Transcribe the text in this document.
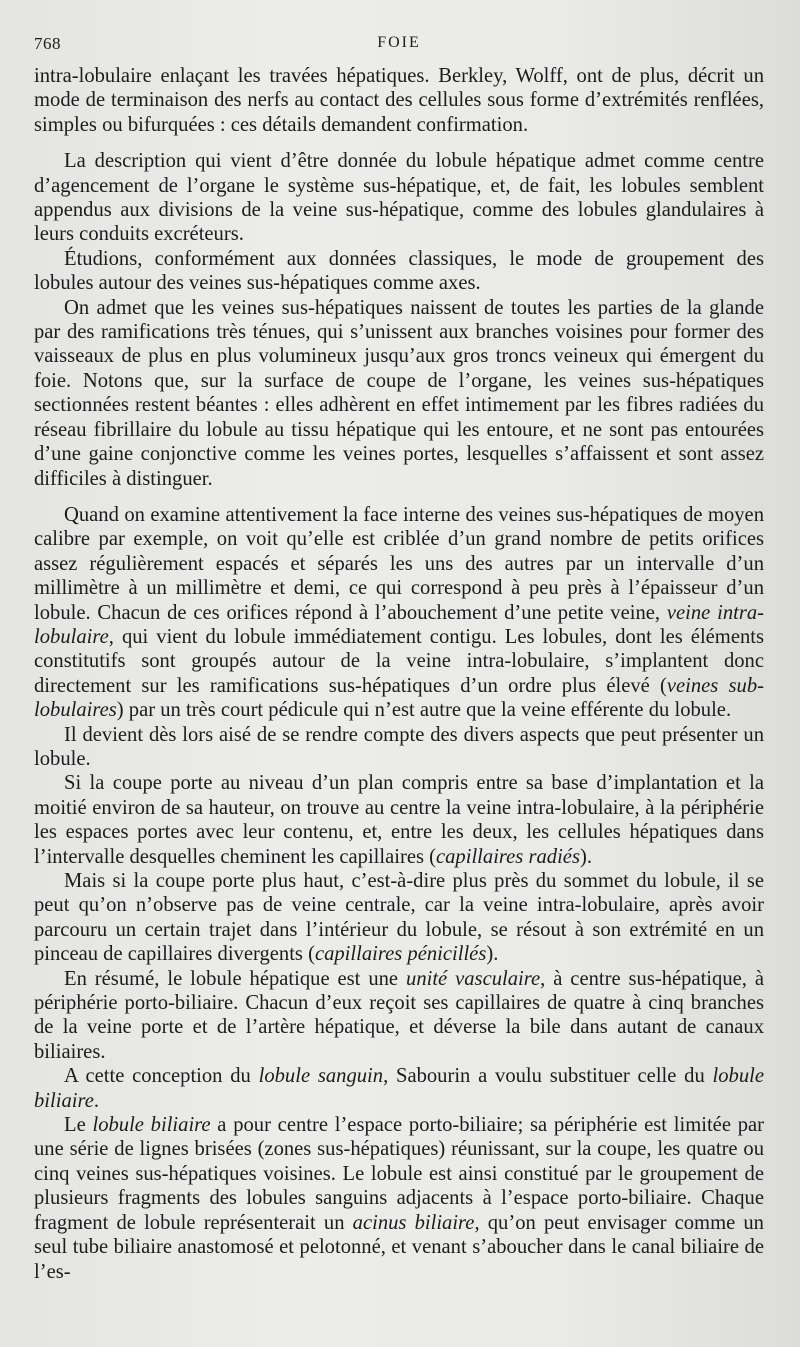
768	FOIE

intra-lobulaire enlaçant les travées hépatiques. Berkley, Wolff, ont de plus, décrit un mode de terminaison des nerfs au contact des cellules sous forme d’extrémités renflées, simples ou bifurquées : ces détails demandent confirmation.

La description qui vient d’être donnée du lobule hépatique admet comme centre d’agencement de l’organe le système sus-hépatique, et, de fait, les lobules semblent appendus aux divisions de la veine sus-hépatique, comme des lobules glandulaires à leurs conduits excréteurs.

Étudions, conformément aux données classiques, le mode de groupement des lobules autour des veines sus-hépatiques comme axes.

On admet que les veines sus-hépatiques naissent de toutes les parties de la glande par des ramifications très ténues, qui s’unissent aux branches voisines pour former des vaisseaux de plus en plus volumineux jusqu’aux gros troncs veineux qui émergent du foie. Notons que, sur la surface de coupe de l’organe, les veines sus-hépatiques sectionnées restent béantes : elles adhèrent en effet intimement par les fibres radiées du réseau fibrillaire du lobule au tissu hépatique qui les entoure, et ne sont pas entourées d’une gaine conjonctive comme les veines portes, lesquelles s’affaissent et sont assez difficiles à distinguer.

Quand on examine attentivement la face interne des veines sus-hépatiques de moyen calibre par exemple, on voit qu’elle est criblée d’un grand nombre de petits orifices assez régulièrement espacés et séparés les uns des autres par un intervalle d’un millimètre à un millimètre et demi, ce qui correspond à peu près à l’épaisseur d’un lobule. Chacun de ces orifices répond à l’abouchement d’une petite veine, veine intra-lobulaire, qui vient du lobule immédiatement contigu. Les lobules, dont les éléments constitutifs sont groupés autour de la veine intra-lobulaire, s’implantent donc directement sur les ramifications sus-hépatiques d’un ordre plus élevé (veines sub-lobulaires) par un très court pédicule qui n’est autre que la veine efférente du lobule.

Il devient dès lors aisé de se rendre compte des divers aspects que peut présenter un lobule.

Si la coupe porte au niveau d’un plan compris entre sa base d’implantation et la moitié environ de sa hauteur, on trouve au centre la veine intra-lobulaire, à la périphérie les espaces portes avec leur contenu, et, entre les deux, les cellules hépatiques dans l’intervalle desquelles cheminent les capillaires (capillaires radiés).

Mais si la coupe porte plus haut, c’est-à-dire plus près du sommet du lobule, il se peut qu’on n’observe pas de veine centrale, car la veine intra-lobulaire, après avoir parcouru un certain trajet dans l’intérieur du lobule, se résout à son extrémité en un pinceau de capillaires divergents (capillaires pénicillés).

En résumé, le lobule hépatique est une unité vasculaire, à centre sus-hépatique, à périphérie porto-biliaire. Chacun d’eux reçoit ses capillaires de quatre à cinq branches de la veine porte et de l’artère hépatique, et déverse la bile dans autant de canaux biliaires.

A cette conception du lobule sanguin, Sabourin a voulu substituer celle du lobule biliaire.

Le lobule biliaire a pour centre l’espace porto-biliaire; sa périphérie est limitée par une série de lignes brisées (zones sus-hépatiques) réunissant, sur la coupe, les quatre ou cinq veines sus-hépatiques voisines. Le lobule est ainsi constitué par le groupement de plusieurs fragments des lobules sanguins adjacents à l’espace porto-biliaire. Chaque fragment de lobule représenterait un acinus biliaire, qu’on peut envisager comme un seul tube biliaire anastomosé et pelotonné, et venant s’aboucher dans le canal biliaire de l’es-
